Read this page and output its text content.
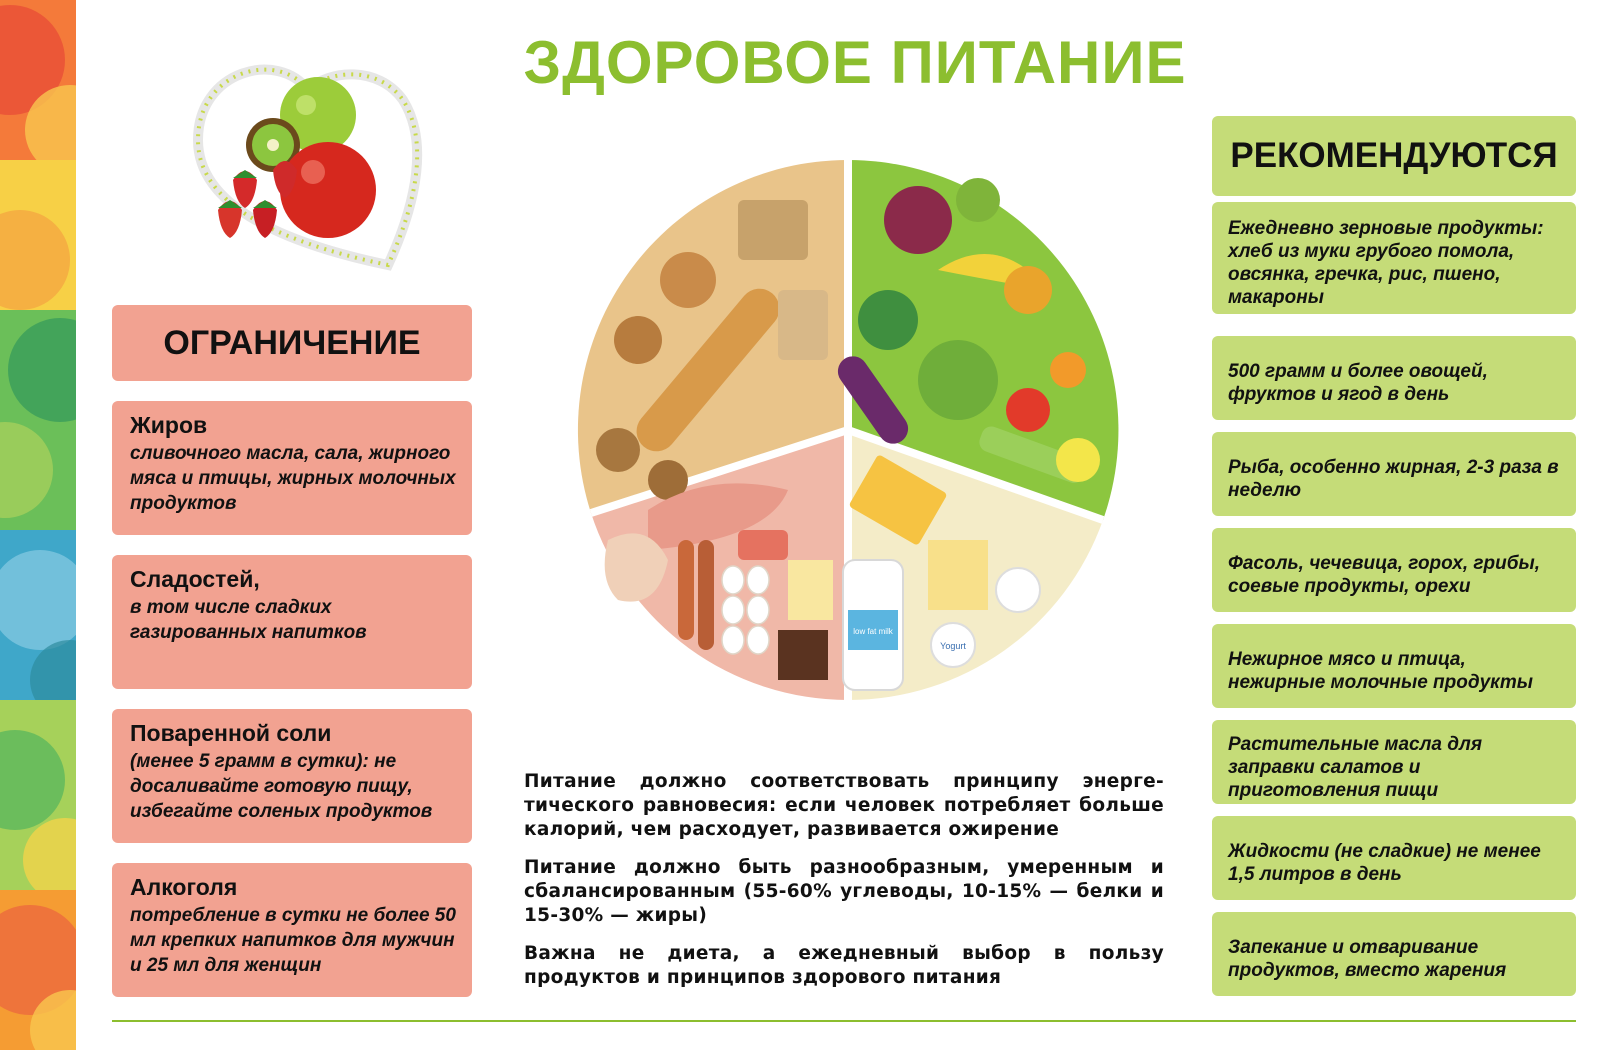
ЗДОРОВОЕ ПИТАНИЕ
ОГРАНИЧЕНИЕ

Жиров

сливочного масла, сала, жирного мяса и птицы, жирных молочных продуктов

Сладостей,

в том числе сладких газированных напитков

Поваренной соли

(менее 5 грамм в сутки): не досаливайте готовую пищу, избегайте соленых продуктов

Алкоголя

потребление в сутки не более 50 мл крепких напитков для мужчин и 25 мл для женщин

low fat milk
Yogurt

Питание должно соответствовать принципу энерге-тического равновесия: если человек потребляет больше калорий, чем расходует, развивается ожирение

Питание должно быть разнообразным, умеренным и сбалансированным (55-60% углеводы, 10-15% — белки и 15-30% — жиры)

Важна не диета, а ежедневный выбор в пользу продуктов и принципов здорового питания

РЕКОМЕНДУЮТСЯ
Ежедневно зерновые продукты: хлеб из муки грубого помола, овсянка, гречка, рис, пшено, макароны
500 грамм и более овощей, фруктов и ягод в день
Рыба, особенно жирная, 2-3 раза в неделю
Фасоль, чечевица, горох, грибы, соевые продукты, орехи
Нежирное мясо и птица, нежирные молочные продукты
Растительные масла для заправки салатов и приготовления пищи
Жидкости (не сладкие) не менее 1,5 литров в день
Запекание и отваривание продуктов, вместо жарения
